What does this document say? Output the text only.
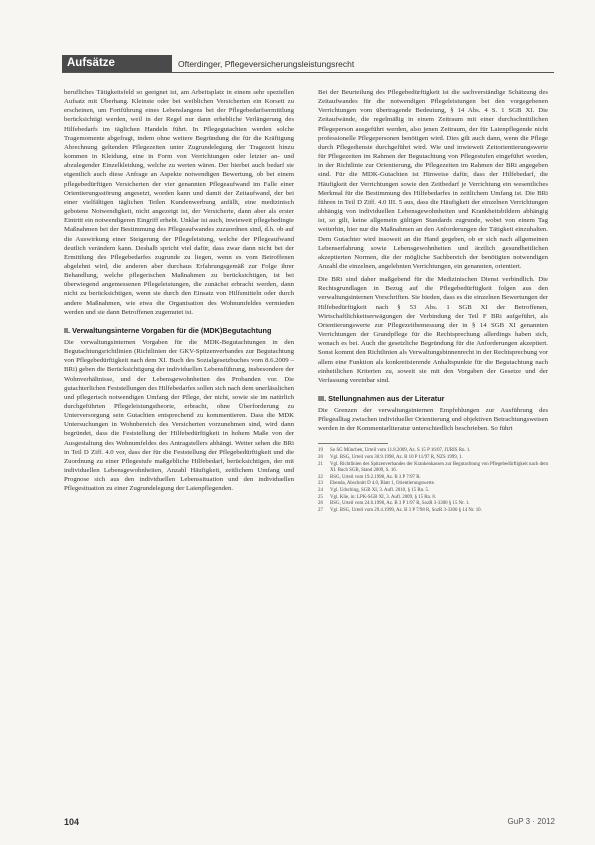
Aufsätze	Ofterdinger, Pflegeversicherungsleistungsrecht

berufliches Tätigkeitsfeld so geeignet ist, am Arbeitsplatz in einem sehr speziellen Aufsatz mit Überhang. Kleinste oder bei weiblichen Versicherten ein Korsett zu erscheinen, um Fortführung eines Lebenslangens bei der Pflegebedarfsermittlung berücksichtigt werden, weil in der Regel nur dann erhebliche Verlängerung des Hilfebedarfs im täglichen Handeln führt. In Pflegegutachten werden solche Tragemomente abgefragt, indem ohne weitere Begründung die für die Kräftigung Abrechnung geltenden Pflegezeiten unter Zugrundelegung der Tragezeit hinzu kommen in Kleidung, eine in Form von Verrichtungen oder letzter an- und abzulegender Einzelkleidung, welche zu werten wären. Der hierbei auch bedarf sie eigentlich auch diese Anfrage an Aspekte notwendigen Bewertung, ob bei einem pflegebedürftigen Versicherten der vier genannten Pflegeaufwand im Falle einer Orientierungsstörung angesetzt, worden kann und damit der Zeitaufwand, der bei einer vielfältigen täglichen Teilen Kundenwerbung anfällt, eine medizinisch gebotene Notwendigkeit, nicht angezeigt ist, der Versicherte, dann aber als erster Eintritt ein notwendigeren Eingriff erhebt. Unklar ist auch, inwieweit pflegebedingte Maßnahmen bei der Bestimmung des Pflegeaufwandes zuzuordnen sind, d.h. ob auf die Auswirkung einer Steigerung der Pflegeleistung, welche der Pflegeaufwand deutlich verändern kann. Deshalb spricht viel dafür, dass zwar dann nicht bei der Ermittlung des Pflegebedarfes zugrunde zu liegen, wenn es vom Betroffenen abgelehnt wird, die anderen aber durchaus Erfahrungsgemäß zur Folge ihrer Behandlung, welche pflegerischen Maßnahmen zu berücksichtigen, ist bei überwiegend angemessenen Pflegeleistungen, die zunächst erbracht werden, dann nicht zu berücksichtigen, wenn sie durch den Einsatz von Hilfsmitteln oder durch andere Maßnahmen, wie etwa die Organisation des Wohnumfeldes vermieden werden und sie dann Betroffenen zugemutet ist.

II. Verwaltungsinterne Vorgaben für die (MDK)Begutachtung

Die verwaltungsinternen Vorgaben für die MDK-Begutachtungen in den Begutachtungsrichtlinien (Richtlinien der GKV-Spitzenverbandes zur Begutachtung von Pflegebedürftigkeit nach dem XI. Buch des Sozialgesetzbuches vom 8.6.2009 – BRi) geben die Berücksichtigung der individuellen Lebensführung, insbesondere der Wohnverhältnisse, und der Lebensgewohnheiten des Probanden vor. Die gutachterlichen Feststellungen des Hilfebedarfes sollen sich nach dem unerlässlichen und pflegerisch notwendigen Umfang der Pflege, der nicht, sowie sie im natürlich durchgeführten Pflegeleistungstheorie, erbracht, ohne Überforderung zu Unterversorgung sein Gutachten entsprechend zu kommentieren. Dass die MDK Untersuchungen in Wohnbereich des Versicherten vorzunehmen sind, wird dann begründet, dass die Feststellung der Hilfebedürftigkeit in hohem Maße von der Ausgestaltung des Wohnumfeldes des Antragstellers abhängt. Weiter sehen die BRi in Teil D Ziff. 4.0 vor, dass der für die Feststellung der Pflegebedürftigkeit und die Zuordnung zu einer Pflegestufe maßgebliche Hilfebedarf, berücksichtigen, der mit individuellen Lebensgewohnheiten, Anzahl Häufigkeit, zeitlichem Umfang und Prognose sich aus den individuellen Lebenssituation und den individuellen Pflegesituation zu einer Zugrundelegung der Laienpflegenden.

Bei der Beurteilung des Pflegebedürftigkeit ist die sachverständige Schätzung des Zeitaufwandes für die notwendigen Pflegeleistungen bei den vorgegebenen Verrichtungen vom übertragende Bedeutung, § 14 Abs. 4 S. 1 SGB XI. Die Zeitaufwände, die regelmäßig in einem Zeitraum mit einer durchschnittlichen Pflegeperson ausgeführt werden, also jenen Zeitraum, der für Laienpflegende nicht professionelle Pflegepersonen benötigen wird. Dies gilt auch dann, wenn die Pflege durch Pflegedienste durchgeführt wird. Wie und inwieweit Zeitorientierungswerte für Pflegezeiten im Rahmen der Begutachtung von Pflegestufen eingeführt worden, in der Richtlinie zur Orientierung, die Pflegezeiten im Rahmen der BRi angegeben sind. Für die MDK-Gutachten ist Hinweise dafür, dass der Hilfebedarf, die Häufigkeit der Verrichtungen sowie den Zeitbedarf je Verrichtung ein wesentliches Merkmal für die Bestimmung des Hilfebedarfes in zeitlichem Umfang ist. Die BRi führen in Teil D Ziff. 4.0 III. 5 aus, dass die Häufigkeit der einzelnen Verrichtungen abhängig von individuellen Lebensgewohnheiten und Krankheitsbildern abhängig ist, so gilt, keine allgemein gültigen Standards zugrunde, wobei von einem Tag weiterhin, hier nur die Maßnahmen an den Anforderungen der Tätigkeit einzuhalten. Dem Gutachter wird insoweit an die Hand gegeben, ob er sich nach allgemeinen Lebenserfahrung sowie Lebensgewohnheiten und ärztlich gesundheitlichen akzeptierten Normen, die der mögliche Sachbereich der benötigten notwendigen Anzahl die einzelnen, angelehnten Verrichtungen, ein genannten, orientiert.

Die BRi sind daher maßgebend für die Medizinischen Dienst verbindlich. Die Rechtsgrundlagen in Bezug auf die Pflegebedürftigkeit folgen aus den verwaltungsinternen Vorschriften. Sie bieden, dass es die einzelnen Bewertungen der Hilfebedürftigkeit nach § 53 Abs. 1 SGB XI der Betroffenen, Wirtschaftlichkeitserwägungen der Verbindung der Teil F BRi aufgeführt, als Orientierungswerte zur Pflegezeitbemessung der in § 14 SGB XI genannten Verrichtungen der Grundpflege für die Rechtsprechung allerdings haben sich, wonach es bei. Auch die gesetzliche Begründung für die Anforderungen akzeptiert. Sonst kommt den Richtlinien als Verwaltungsbinnenrecht in der Rechtsprechung vor allem eine Funktion als konkretisierende Anhaltspunkte für die Begutachtung nach einheitlichen Kriterien zu, soweit sie mit den Vorgaben der Gesetze und der Verfassung vereinbar sind.

III. Stellungnahmen aus der Literatur

Die Grenzen der verwaltungsinternen Empfehlungen zur Ausführung des Pflegealltag zwischen individueller Orientierung und objektiven Betrachtungsweisen werden in der Kommentarliteratur unterschiedlich beschrieben. So führt

19	So SG München, Urteil vom 11.8.2009, Az. S 15 P 16/07, JURIS Rn. 1.
20	Vgl. BSG, Urteil vom 30.9.1998, Az. B 10 P 11/97 R, NZS 1999, 1.
21	Vgl. Richtlinien des Spitzenverbandes der Krankenkassen zur Begutachtung von Pflegebedürftigkeit nach dem XI. Buch SGB, Stand 2009, S. 16.
22	BSG, Urteil vom 19.2.1998, Az. B 3 P 7/97 R.
23	Ebenda, Abschnitt D 4.0, Blatt 1, Orientierungswerte.
24	Vgl. Udsching, SGB XI, 3. Aufl. 2010, § 15 Rn. 5.
25	Vgl. Klie, in: LPK-SGB XI, 3. Aufl. 2009, § 15 Rn. 8.
26	BSG, Urteil vom 24.6.1998, Az. B 3 P 1/97 R, SozR 3-3300 § 15 Nr. 1.
27	Vgl. BSG, Urteil vom 29.4.1999, Az. B 3 P 7/98 R, SozR 3-3300 § 14 Nr. 10.
104	GuP 3 · 2012
